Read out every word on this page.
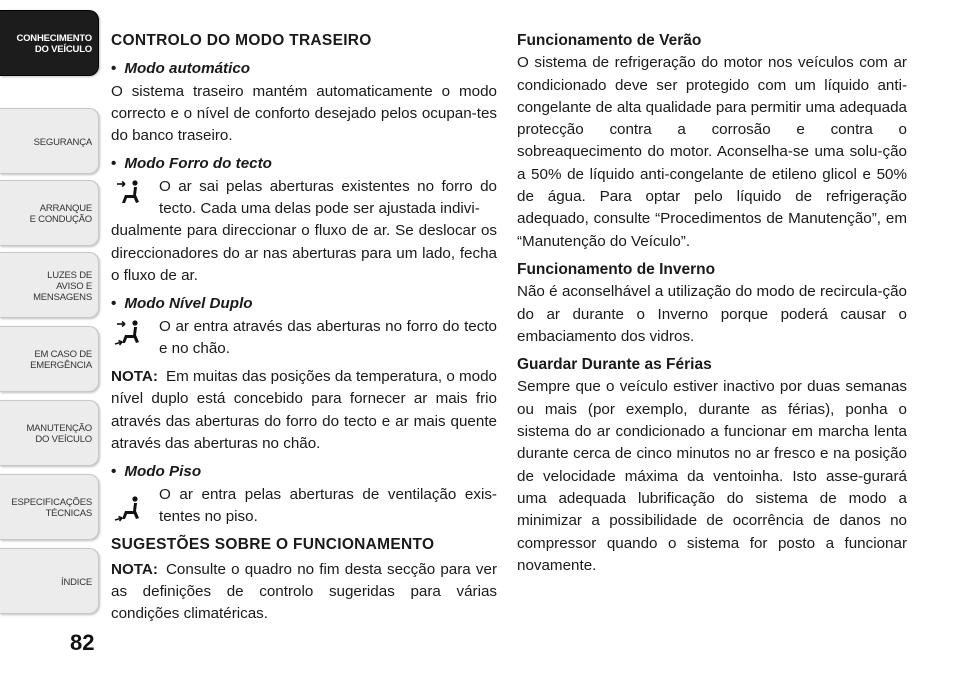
CONHECIMENTO
DO VEÍCULO
SEGURANÇA
ARRANQUE
E CONDUÇÃO
LUZES DE
AVISO E
MENSAGENS
EM CASO DE
EMERGÊNCIA
MANUTENÇÃO
DO VEÍCULO
ESPECIFICAÇÕES
TÉCNICAS
ÍNDICE
82

CONTROLO DO MODO TRASEIRO

• Modo automático

O sistema traseiro mantém automaticamente o modo correcto e o nível de conforto desejado pelos ocupan-tes do banco traseiro.

• Modo Forro do tecto

O ar sai pelas aberturas existentes no forro do tecto. Cada uma delas pode ser ajustada indivi-

dualmente para direccionar o fluxo de ar. Se deslocar os direccionadores do ar nas aberturas para um lado, fecha o fluxo de ar.

• Modo Nível Duplo

O ar entra através das aberturas no forro do tecto e no chão.

NOTA: Em muitas das posições da temperatura, o modo nível duplo está concebido para fornecer ar mais frio através das aberturas do forro do tecto e ar mais quente através das aberturas no chão.

• Modo Piso

O ar entra pelas aberturas de ventilação exis-tentes no piso.

SUGESTÕES SOBRE O FUNCIONAMENTO

NOTA: Consulte o quadro no fim desta secção para ver as definições de controlo sugeridas para várias condições climatéricas.

Funcionamento de Verão

O sistema de refrigeração do motor nos veículos com ar condicionado deve ser protegido com um líquido anti-congelante de alta qualidade para permitir uma adequada protecção contra a corrosão e contra o sobreaquecimento do motor. Aconselha-se uma solu-ção a 50% de líquido anti-congelante de etileno glicol e 50% de água. Para optar pelo líquido de refrigeração adequado, consulte “Procedimentos de Manutenção”, em “Manutenção do Veículo”.

Funcionamento de Inverno

Não é aconselhável a utilização do modo de recircula-ção do ar durante o Inverno porque poderá causar o embaciamento dos vidros.

Guardar Durante as Férias

Sempre que o veículo estiver inactivo por duas semanas ou mais (por exemplo, durante as férias), ponha o sistema do ar condicionado a funcionar em marcha lenta durante cerca de cinco minutos no ar fresco e na posição de velocidade máxima da ventoinha. Isto asse-gurará uma adequada lubrificação do sistema de modo a minimizar a possibilidade de ocorrência de danos no compressor quando o sistema for posto a funcionar novamente.
